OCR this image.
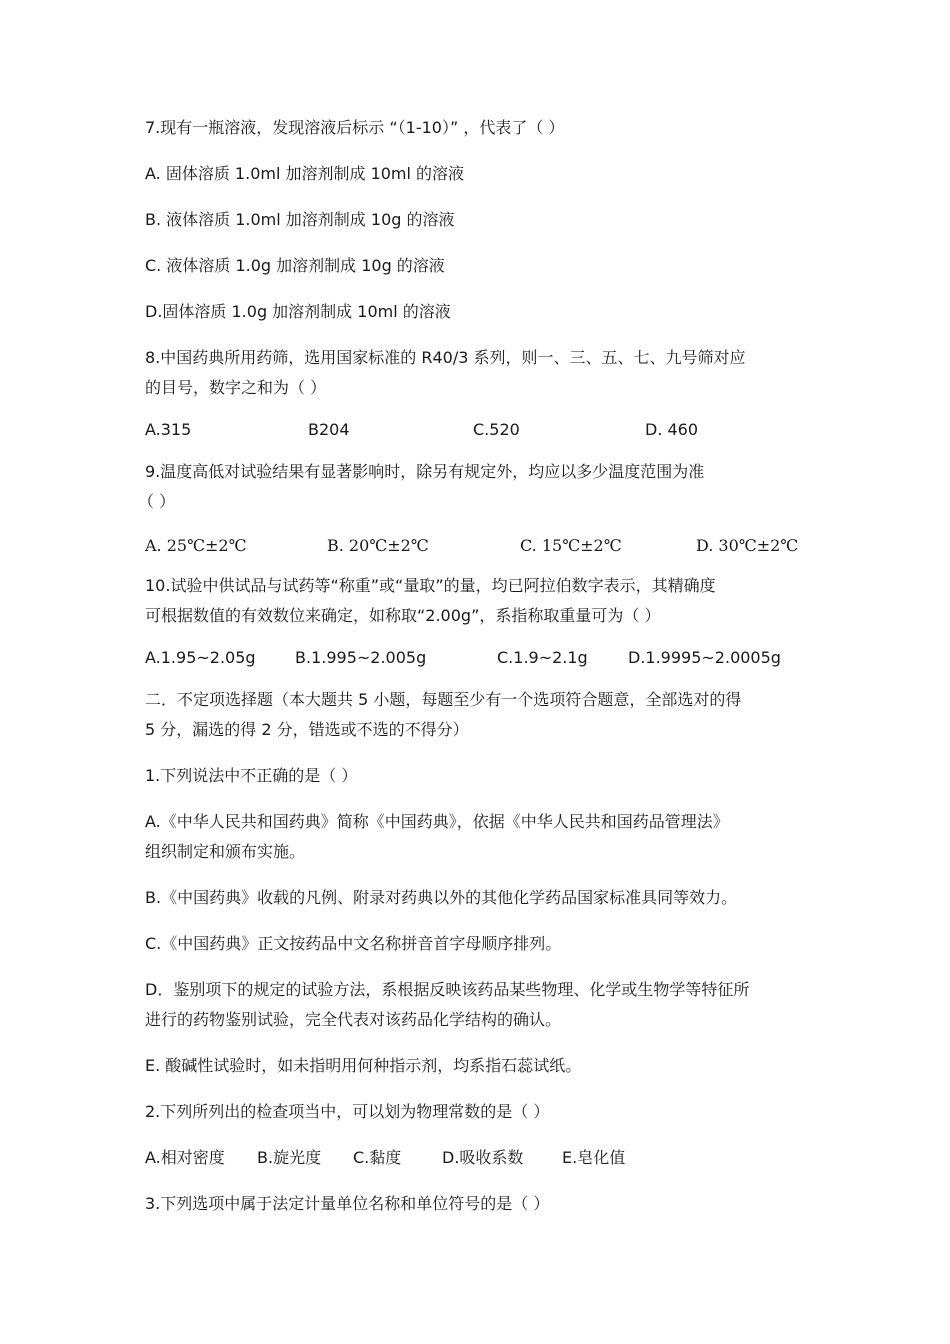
7.现有一瓶溶液，发现溶液后标示 “（1-10）” ，代表了（ ）
A. 固体溶质 1.0ml 加溶剂制成 10ml 的溶液
B. 液体溶质 1.0ml 加溶剂制成 10g 的溶液
C. 液体溶质 1.0g 加溶剂制成 10g 的溶液
D.固体溶质 1.0g 加溶剂制成 10ml 的溶液
8.中国药典所用药筛，选用国家标准的 R40/3 系列，则一、三、五、七、九号筛对应
的目号，数字之和为（ ）
A.315	B204	C.520	D. 460
9.温度高低对试验结果有显著影响时，除另有规定外，均应以多少温度范围为准
（ ）
A. 25℃±2℃	B. 20℃±2℃	C. 15℃±2℃	D. 30℃±2℃
10.试验中供试品与试药等“称重”或“量取”的量，均已阿拉伯数字表示，其精确度
可根据数值的有效数位来确定，如称取“2.00g”，系指称取重量可为（ ）
A.1.95~2.05g B.1.995~2.005g	C.1.9~2.1g	D.1.9995~2.0005g
二．不定项选择题（本大题共 5 小题，每题至少有一个选项符合题意，全部选对的得
5 分，漏选的得 2 分，错选或不选的不得分）
1.下列说法中不正确的是（ ）
A.《中华人民共和国药典》简称《中国药典》，依据《中华人民共和国药品管理法》
组织制定和颁布实施。
B.《中国药典》收载的凡例、附录对药典以外的其他化学药品国家标准具同等效力。
C.《中国药典》正文按药品中文名称拼音首字母顺序排列。
D．鉴别项下的规定的试验方法，系根据反映该药品某些物理、化学或生物学等特征所
进行的药物鉴别试验，完全代表对该药品化学结构的确认。
E. 酸碱性试验时，如未指明用何种指示剂，均系指石蕊试纸。
2.下列所列出的检查项当中，可以划为物理常数的是（ ）
A.相对密度 B.旋光度 C.黏度	D.吸收系数 E.皂化值
3.下列选项中属于法定计量单位名称和单位符号的是（ ）
